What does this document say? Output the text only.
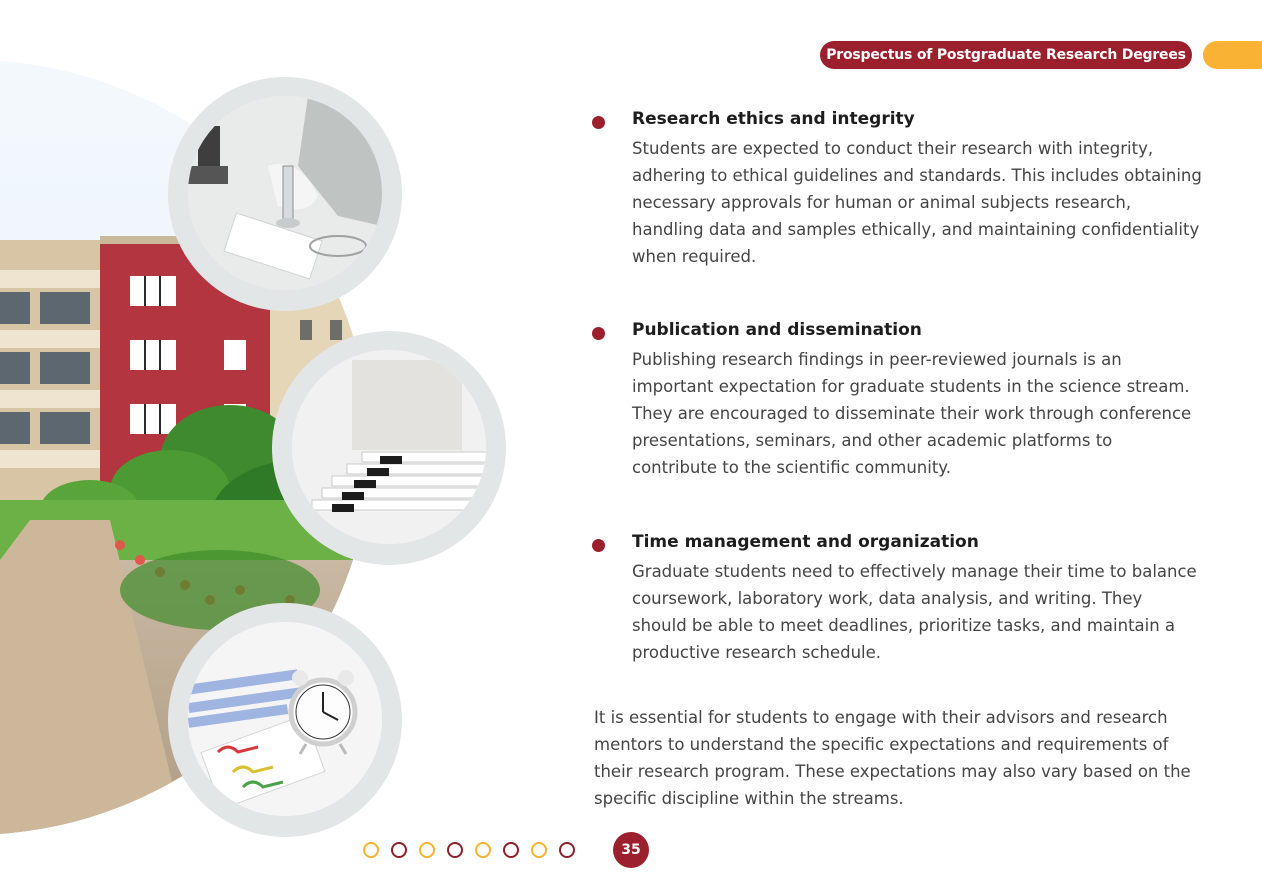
Prospectus of Postgraduate Research Degrees
Research ethics and integrity
Students are expected to conduct their research with integrity, adhering to ethical guidelines and standards. This includes obtaining necessary approvals for human or animal subjects research, handling data and samples ethically, and maintaining confidentiality when required.
Publication and dissemination
Publishing research findings in peer-reviewed journals is an important expectation for graduate students in the science stream. They are encouraged to disseminate their work through conference presentations, seminars, and other academic platforms to contribute to the scientific community.
Time management and organization
Graduate students need to effectively manage their time to balance coursework, laboratory work, data analysis, and writing. They should be able to meet deadlines, prioritize tasks, and maintain a productive research schedule.
It is essential for students to engage with their advisors and research mentors to understand the specific expectations and requirements of their research program. These expectations may also vary based on the specific discipline within the streams.
35
